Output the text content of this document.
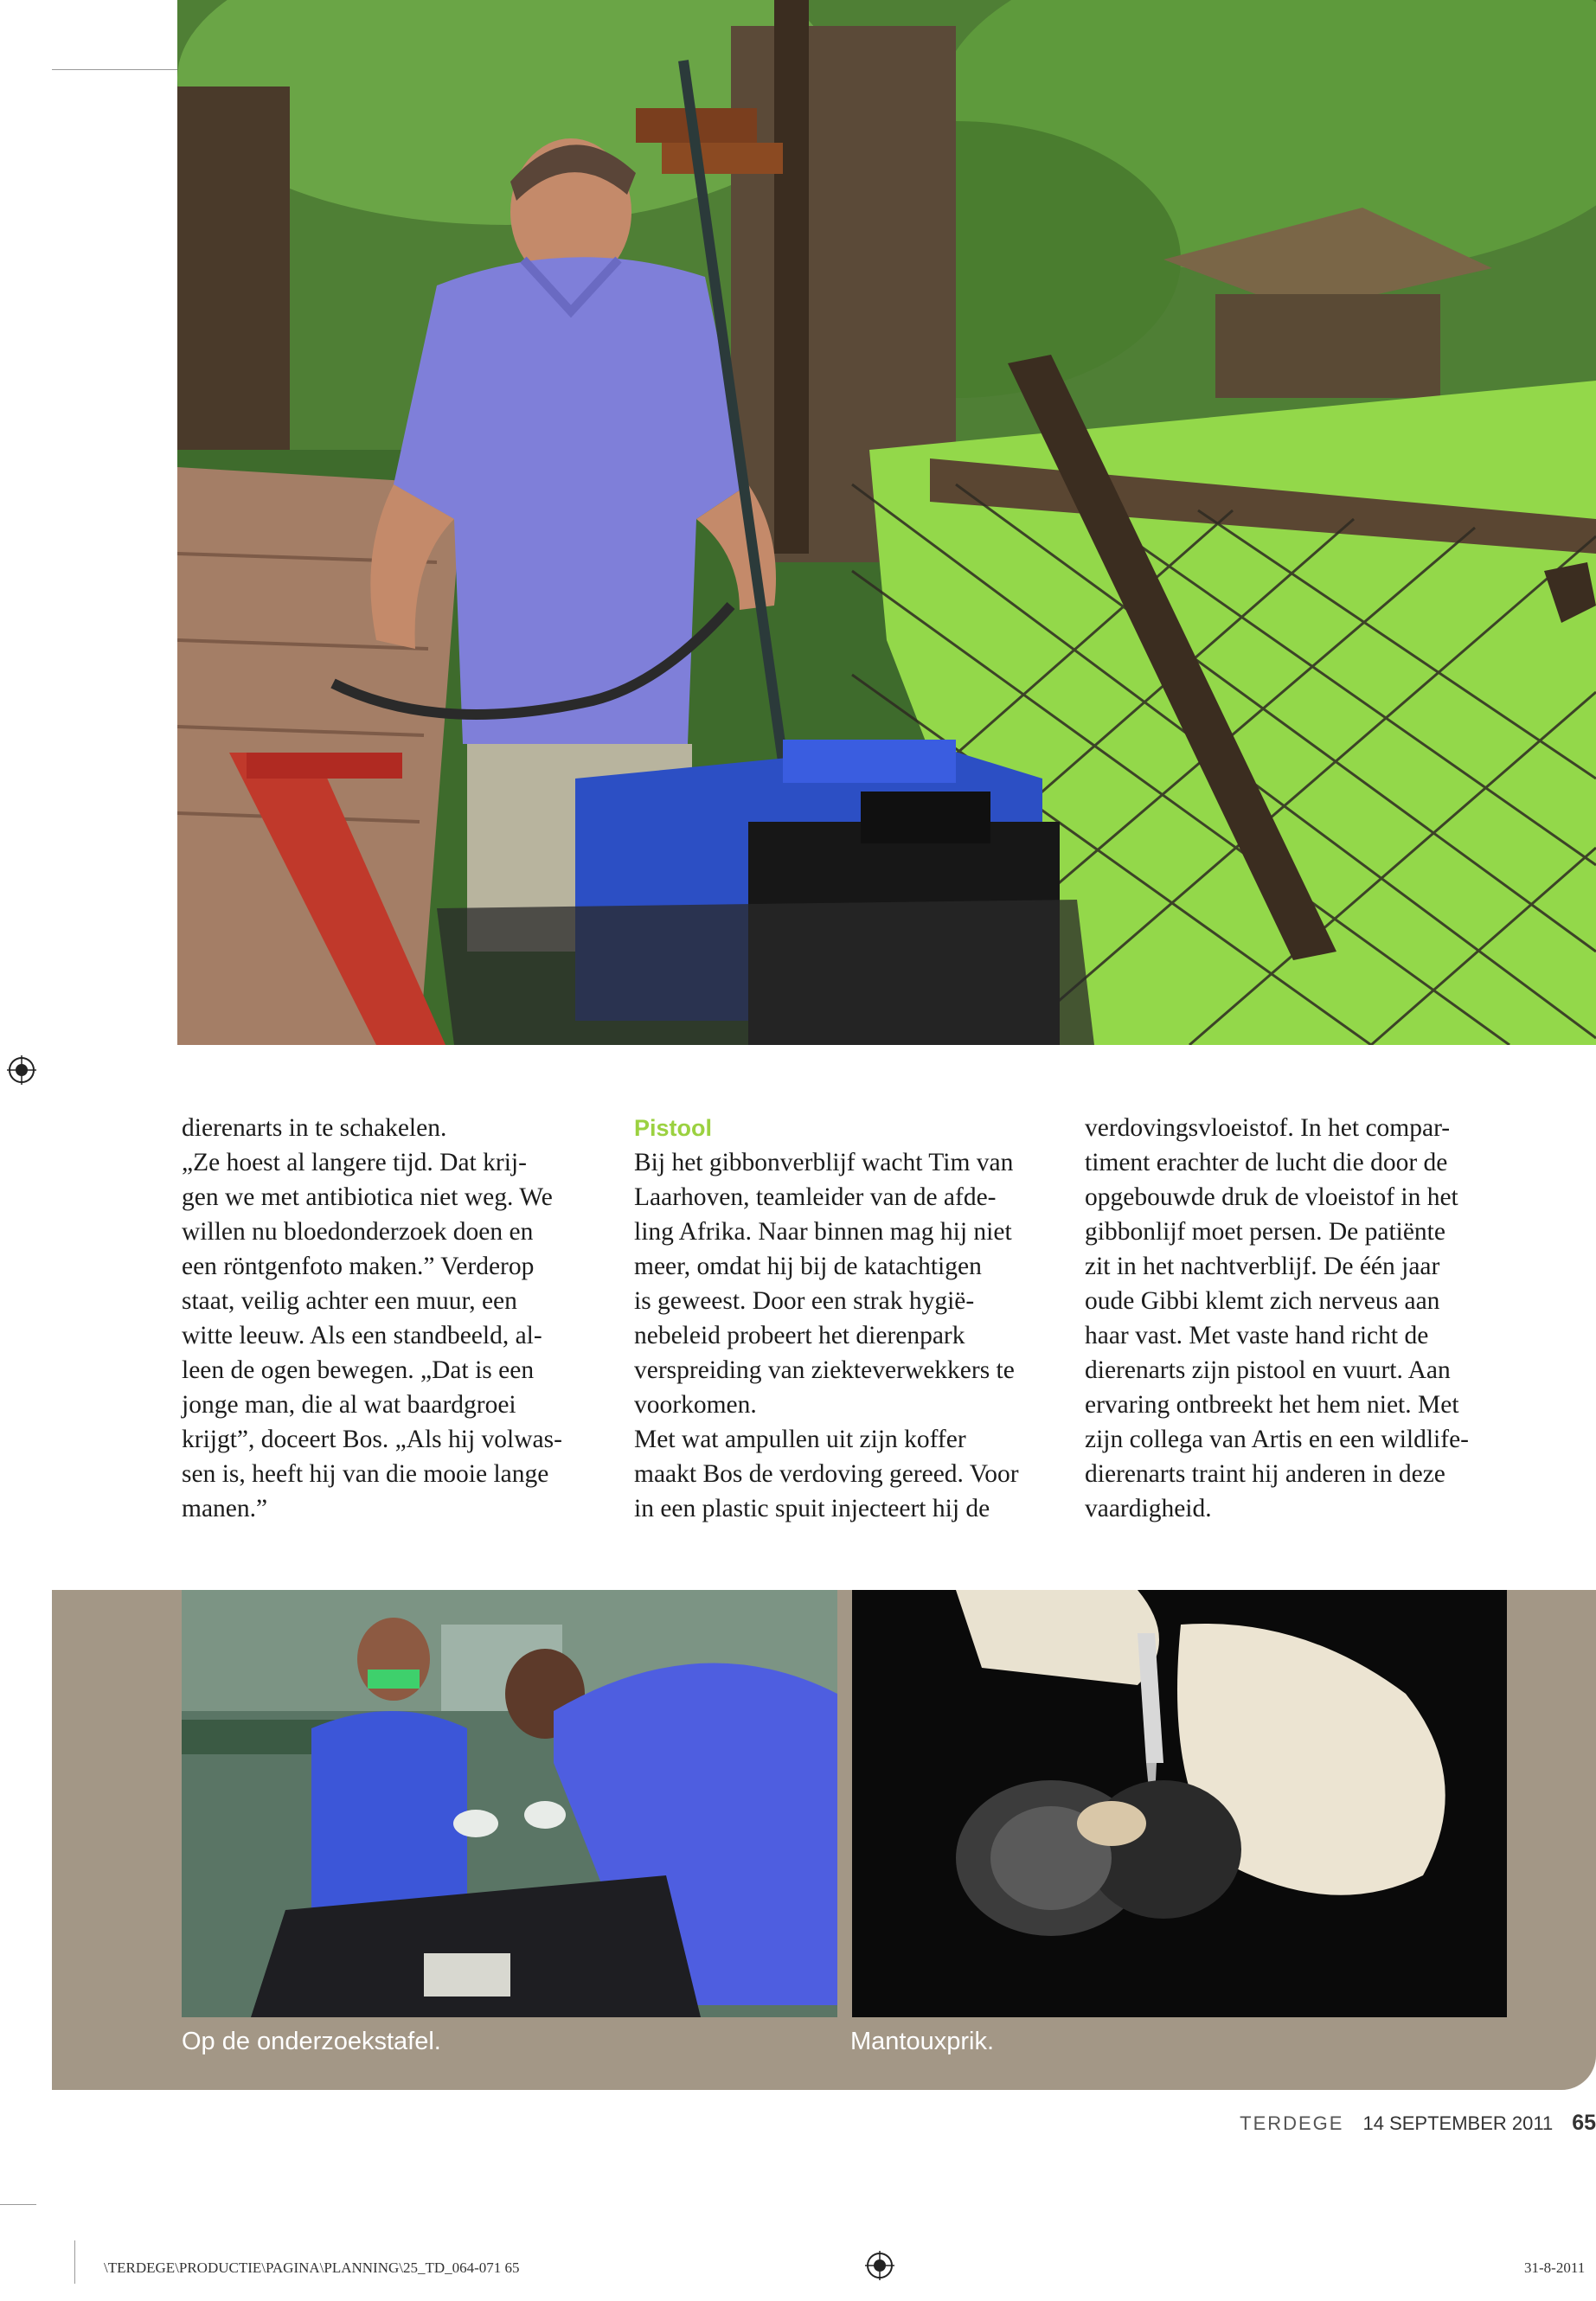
dierenarts in te schakelen.

„Ze hoest al langere tijd. Dat krij-

gen we met antibiotica niet weg. We

willen nu bloedonderzoek doen en

een röntgenfoto maken.” Verderop

staat, veilig achter een muur, een

witte leeuw. Als een standbeeld, al-

leen de ogen bewegen. „Dat is een

jonge man, die al wat baardgroei

krijgt”, doceert Bos. „Als hij volwas-

sen is, heeft hij van die mooie lange

manen.”

Pistool

Bij het gibbonverblijf wacht Tim van

Laarhoven, teamleider van de afde-

ling Afrika. Naar binnen mag hij niet

meer, omdat hij bij de katachtigen

is geweest. Door een strak hygië-

nebeleid probeert het dierenpark

verspreiding van ziekteverwekkers te

voorkomen.

Met wat ampullen uit zijn koffer

maakt Bos de verdoving gereed. Voor

in een plastic spuit injecteert hij de

verdovingsvloeistof. In het compar-

timent erachter de lucht die door de

opgebouwde druk de vloeistof in het

gibbonlijf moet persen. De patiënte

zit in het nachtverblijf. De één jaar

oude Gibbi klemt zich nerveus aan

haar vast. Met vaste hand richt de

dierenarts zijn pistool en vuurt. Aan

ervaring ontbreekt het hem niet. Met

zijn collega van Artis en een wildlife-

dierenarts traint hij anderen in deze

vaardigheid.

Op de onderzoekstafel.	Mantouxprik.
TERDEGE 14 SEPTEMBER 2011 65
\TERDEGE\PRODUCTIE\PAGINA\PLANNING\25_TD_064-071 65	31-8-2011
